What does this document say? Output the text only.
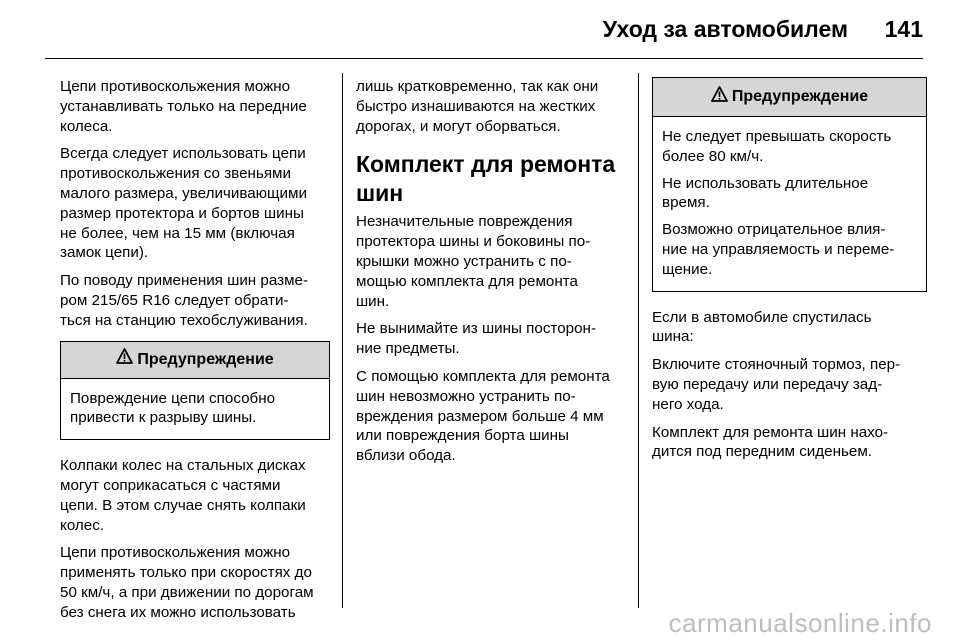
Уход за автомобилем 141

Цепи противоскольжения можно
устанавливать только на передние
колеса.

Всегда следует использовать цепи
противоскольжения со звеньями
малого размера, увеличивающими
размер протектора и бортов шины
не более, чем на 15 мм (включая
замок цепи).

По поводу применения шин разме-
ром 215/65 R16 следует обрати-
ться на станцию техобслуживания.

Предупреждение

Повреждение цепи способно
привести к разрыву шины.

Колпаки колес на стальных дисках
могут соприкасаться с частями
цепи. В этом случае снять колпаки
колес.

Цепи противоскольжения можно
применять только при скоростях до
50 км/ч, а при движении по дорогам
без снега их можно использовать

лишь кратковременно, так как они
быстро изнашиваются на жестких
дорогах, и могут оборваться.

Комплект для ремонта
шин

Незначительные повреждения
протектора шины и боковины по-
крышки можно устранить с по-
мощью комплекта для ремонта
шин.

Не вынимайте из шины посторон-
ние предметы.

С помощью комплекта для ремонта
шин невозможно устранить по-
вреждения размером больше 4 мм
или повреждения борта шины
вблизи обода.

Предупреждение

Не следует превышать скорость
более 80 км/ч.

Не использовать длительное
время.

Возможно отрицательное влия-
ние на управляемость и переме-
щение.

Если в автомобиле спустилась
шина:

Включите стояночный тормоз, пер-
вую передачу или передачу зад-
него хода.

Комплект для ремонта шин нахо-
дится под передним сиденьем.

carmanualsonline.info
